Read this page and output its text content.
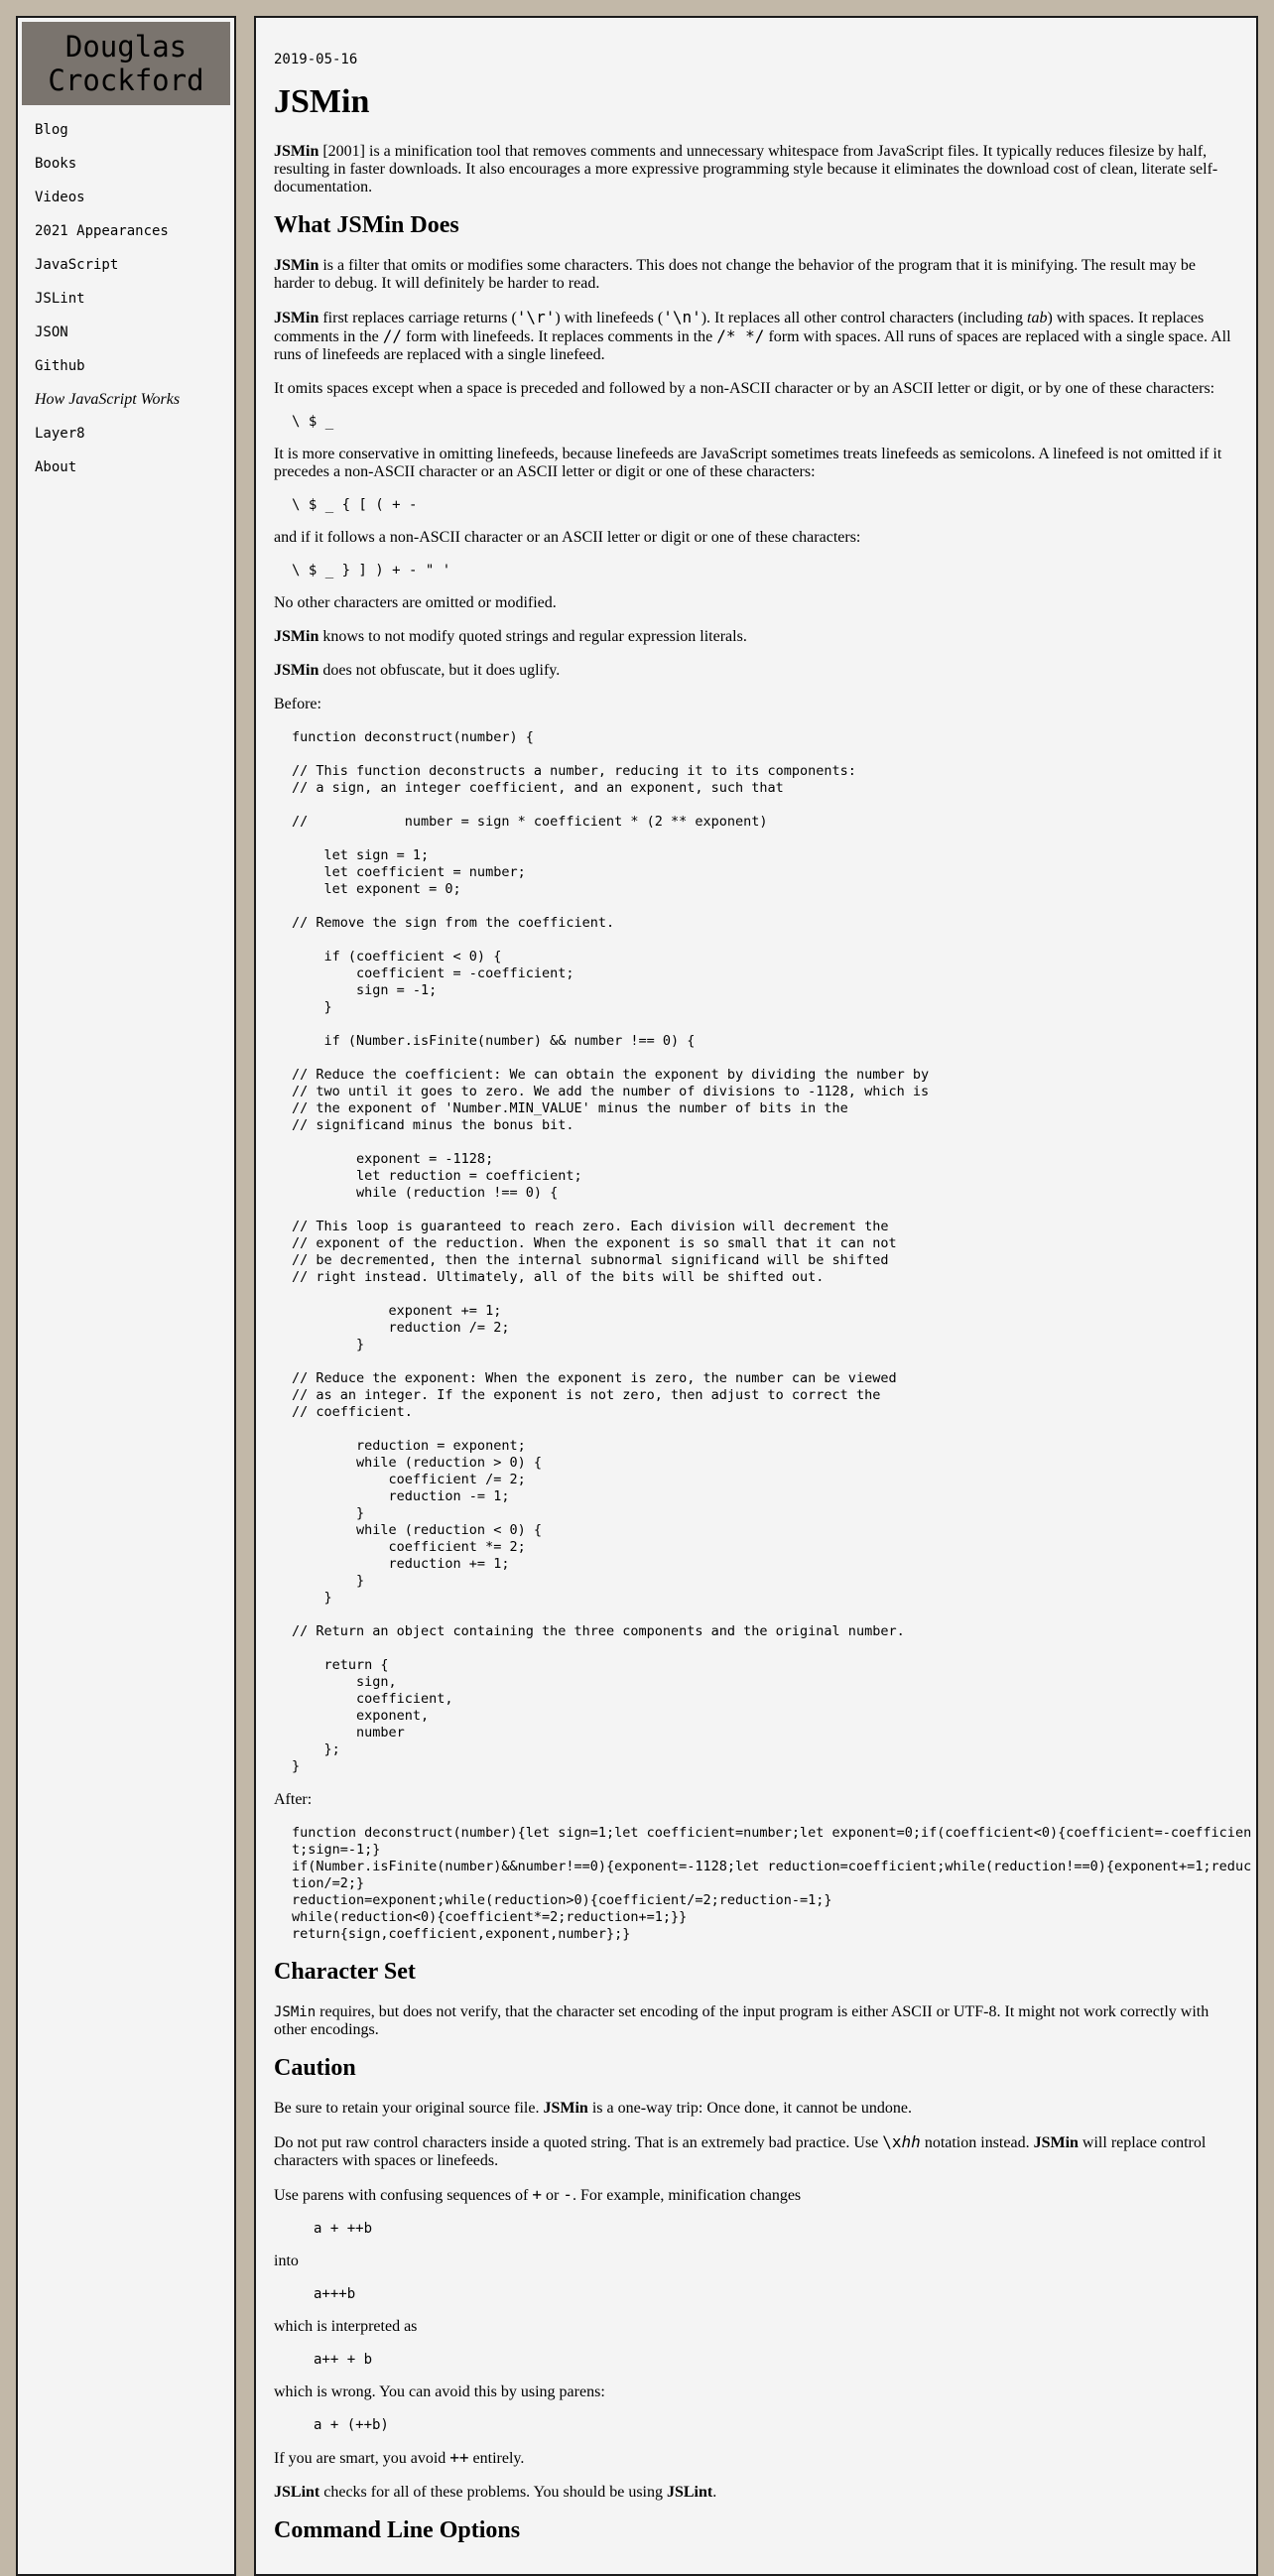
Douglas
Crockford
Blog
Books
Videos
2021 Appearances
JavaScript
JSLint
JSON
Github
How JavaScript Works
Layer8
About
2019-05-16
JSMin

JSMin [2001] is a minification tool that removes comments and unnecessary whitespace from JavaScript files. It typically reduces filesize by half, resulting in faster downloads. It also encourages a more expressive programming style because it eliminates the download cost of clean, literate self-documentation.

What JSMin Does

JSMin is a filter that omits or modifies some characters. This does not change the behavior of the program that it is minifying. The result may be harder to debug. It will definitely be harder to read.

JSMin first replaces carriage returns ('\r') with linefeeds ('\n'). It replaces all other control characters (including tab) with spaces. It replaces comments in the // form with linefeeds. It replaces comments in the /* */ form with spaces. All runs of spaces are replaced with a single space. All runs of linefeeds are replaced with a single linefeed.

It omits spaces except when a space is preceded and followed by a non-ASCII character or by an ASCII letter or digit, or by one of these characters:

\ $ _

It is more conservative in omitting linefeeds, because linefeeds are JavaScript sometimes treats linefeeds as semicolons. A linefeed is not omitted if it precedes a non-ASCII character or an ASCII letter or digit or one of these characters:

\ $ _ { [ ( + -

and if it follows a non-ASCII character or an ASCII letter or digit or one of these characters:

\ $ _ } ] ) + - " '

No other characters are omitted or modified.

JSMin knows to not modify quoted strings and regular expression literals.

JSMin does not obfuscate, but it does uglify.

Before:

function deconstruct(number) {

// This function deconstructs a number, reducing it to its components:
// a sign, an integer coefficient, and an exponent, such that

//            number = sign * coefficient * (2 ** exponent)

let sign = 1;
let coefficient = number;
let exponent = 0;

// Remove the sign from the coefficient.

if (coefficient < 0) {
coefficient = -coefficient;
sign = -1;
}

if (Number.isFinite(number) && number !== 0) {

// Reduce the coefficient: We can obtain the exponent by dividing the number by
// two until it goes to zero. We add the number of divisions to -1128, which is
// the exponent of 'Number.MIN_VALUE' minus the number of bits in the
// significand minus the bonus bit.

exponent = -1128;
let reduction = coefficient;
while (reduction !== 0) {

// This loop is guaranteed to reach zero. Each division will decrement the
// exponent of the reduction. When the exponent is so small that it can not
// be decremented, then the internal subnormal significand will be shifted
// right instead. Ultimately, all of the bits will be shifted out.

exponent += 1;
reduction /= 2;
}

// Reduce the exponent: When the exponent is zero, the number can be viewed
// as an integer. If the exponent is not zero, then adjust to correct the
// coefficient.

reduction = exponent;
while (reduction > 0) {
coefficient /= 2;
reduction -= 1;
}
while (reduction < 0) {
coefficient *= 2;
reduction += 1;
}
}

// Return an object containing the three components and the original number.

return {
sign,
coefficient,
exponent,
number
};
}

After:

function deconstruct(number){let sign=1;let coefficient=number;let exponent=0;if(coefficient<0){coefficient=-coefficient;sign=-1;}
if(Number.isFinite(number)&&number!==0){exponent=-1128;let reduction=coefficient;while(reduction!==0){exponent+=1;reduction/=2;}
reduction=exponent;while(reduction>0){coefficient/=2;reduction-=1;}
while(reduction<0){coefficient*=2;reduction+=1;}}
return{sign,coefficient,exponent,number};}
Character Set

JSMin requires, but does not verify, that the character set encoding of the input program is either ASCII or UTF-8. It might not work correctly with other encodings.

Caution

Be sure to retain your original source file. JSMin is a one-way trip: Once done, it cannot be undone.

Do not put raw control characters inside a quoted string. That is an extremely bad practice. Use \xhh notation instead. JSMin will replace control characters with spaces or linefeeds.

Use parens with confusing sequences of + or -. For example, minification changes

a + ++b

into

a+++b

which is interpreted as

a++ + b

which is wrong. You can avoid this by using parens:

a + (++b)

If you are smart, you avoid ++ entirely.

JSLint checks for all of these problems. You should be using JSLint.

Command Line Options
